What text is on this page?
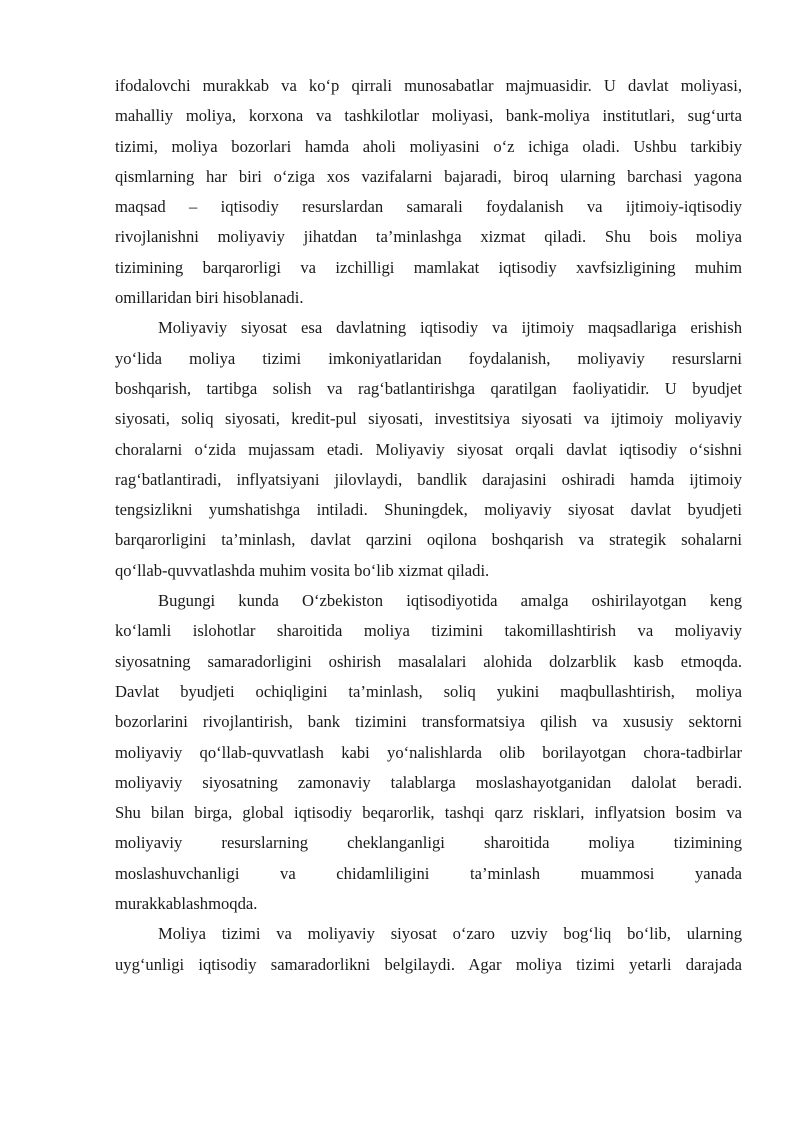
ifodalovchi murakkab va ko‘p qirrali munosabatlar majmuasidir. U davlat moliyasi,
mahalliy moliya, korxona va tashkilotlar moliyasi, bank-moliya institutlari, sug‘urta
tizimi, moliya bozorlari hamda aholi moliyasini o‘z ichiga oladi. Ushbu tarkibiy
qismlarning har biri o‘ziga xos vazifalarni bajaradi, biroq ularning barchasi yagona
maqsad – iqtisodiy resurslardan samarali foydalanish va ijtimoiy-iqtisodiy
rivojlanishni moliyaviy jihatdan ta’minlashga xizmat qiladi. Shu bois moliya
tizimining barqarorligi va izchilligi mamlakat iqtisodiy xavfsizligining muhim
omillaridan biri hisoblanadi.
Moliyaviy siyosat esa davlatning iqtisodiy va ijtimoiy maqsadlariga erishish
yo‘lida moliya tizimi imkoniyatlaridan foydalanish, moliyaviy resurslarni
boshqarish, tartibga solish va rag‘batlantirishga qaratilgan faoliyatidir. U byudjet
siyosati, soliq siyosati, kredit-pul siyosati, investitsiya siyosati va ijtimoiy moliyaviy
choralarni o‘zida mujassam etadi. Moliyaviy siyosat orqali davlat iqtisodiy o‘sishni
rag‘batlantiradi, inflyatsiyani jilovlaydi, bandlik darajasini oshiradi hamda ijtimoiy
tengsizlikni yumshatishga intiladi. Shuningdek, moliyaviy siyosat davlat byudjeti
barqarorligini ta’minlash, davlat qarzini oqilona boshqarish va strategik sohalarni
qo‘llab-quvvatlashda muhim vosita bo‘lib xizmat qiladi.
Bugungi kunda O‘zbekiston iqtisodiyotida amalga oshirilayotgan keng
ko‘lamli islohotlar sharoitida moliya tizimini takomillashtirish va moliyaviy
siyosatning samaradorligini oshirish masalalari alohida dolzarblik kasb etmoqda.
Davlat byudjeti ochiqligini ta’minlash, soliq yukini maqbullashtirish, moliya
bozorlarini rivojlantirish, bank tizimini transformatsiya qilish va xususiy sektorni
moliyaviy qo‘llab-quvvatlash kabi yo‘nalishlarda olib borilayotgan chora-tadbirlar
moliyaviy siyosatning zamonaviy talablarga moslashayotganidan dalolat beradi.
Shu bilan birga, global iqtisodiy beqarorlik, tashqi qarz risklari, inflyatsion bosim va
moliyaviy resurslarning cheklanganligi sharoitida moliya tizimining
moslashuvchanligi va chidamliligini ta’minlash muammosi yanada
murakkablashmoqda.
Moliya tizimi va moliyaviy siyosat o‘zaro uzviy bog‘liq bo‘lib, ularning
uyg‘unligi iqtisodiy samaradorlikni belgilaydi. Agar moliya tizimi yetarli darajada
